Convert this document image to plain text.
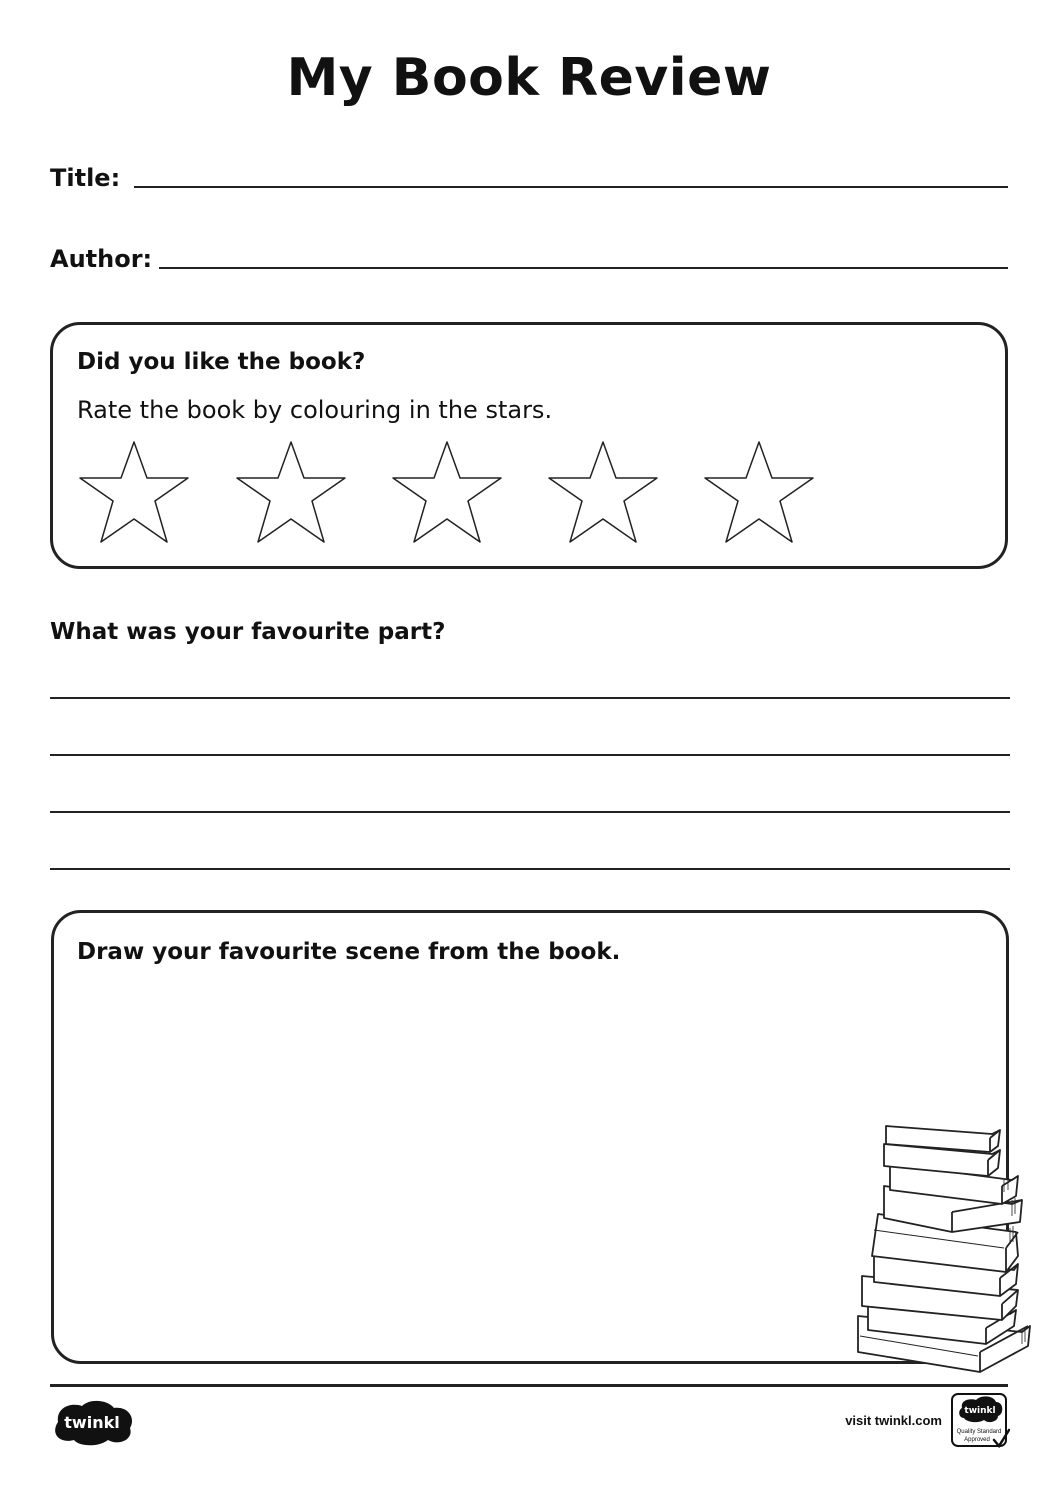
My Book Review
Title:
Author:
Did you like the book?
Rate the book by colouring in the stars.
What was your favourite part?
Draw your favourite scene from the book.
twinkl	visit twinkl.com
twinkl
Quality Standard
Approved
